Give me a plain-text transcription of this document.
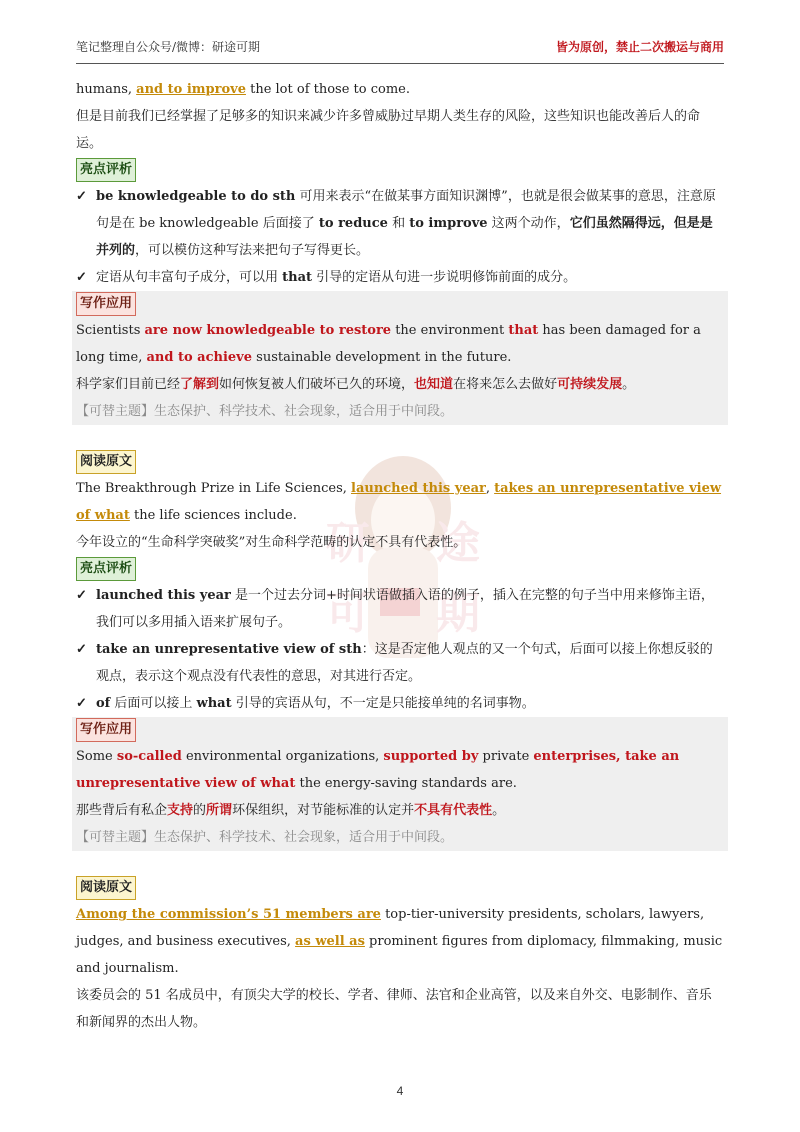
笔记整理自公众号/微博：研途可期	皆为原创，禁止二次搬运与商用
研 途
可 期

humans, and to improve the lot of those to come.

但是目前我们已经掌握了足够多的知识来减少许多曾威胁过早期人类生存的风险，这些知识也能改善后人的命运。

亮点评析
✓ be knowledgeable to do sth 可用来表示“在做某事方面知识渊博”，也就是很会做某事的意思，注意原句是在 be knowledgeable 后面接了 to reduce 和 to improve 这两个动作，它们虽然隔得远，但是是并列的，可以模仿这种写法来把句子写得更长。
✓ 定语从句丰富句子成分，可以用 that 引导的定语从句进一步说明修饰前面的成分。
写作应用

Scientists are now knowledgeable to restore the environment that has been damaged for a long time, and to achieve sustainable development in the future.

科学家们目前已经了解到如何恢复被人们破坏已久的环境，也知道在将来怎么去做好可持续发展。

【可替主题】生态保护、科学技术、社会现象，适合用于中间段。

阅读原文

The Breakthrough Prize in Life Sciences, launched this year, takes an unrepresentative view of what the life sciences include.

今年设立的“生命科学突破奖”对生命科学范畴的认定不具有代表性。

亮点评析
✓ launched this year 是一个过去分词+时间状语做插入语的例子，插入在完整的句子当中用来修饰主语，我们可以多用插入语来扩展句子。
✓ take an unrepresentative view of sth：这是否定他人观点的又一个句式，后面可以接上你想反驳的观点，表示这个观点没有代表性的意思，对其进行否定。
✓ of 后面可以接上 what 引导的宾语从句，不一定是只能接单纯的名词事物。
写作应用

Some so-called environmental organizations, supported by private enterprises, take an unrepresentative view of what the energy-saving standards are.

那些背后有私企支持的所谓环保组织，对节能标准的认定并不具有代表性。

【可替主题】生态保护、科学技术、社会现象，适合用于中间段。

阅读原文

Among the commission’s 51 members are top-tier-university presidents, scholars, lawyers, judges, and business executives, as well as prominent figures from diplomacy, filmmaking, music and journalism.

该委员会的 51 名成员中，有顶尖大学的校长、学者、律师、法官和企业高管，以及来自外交、电影制作、音乐和新闻界的杰出人物。

4
